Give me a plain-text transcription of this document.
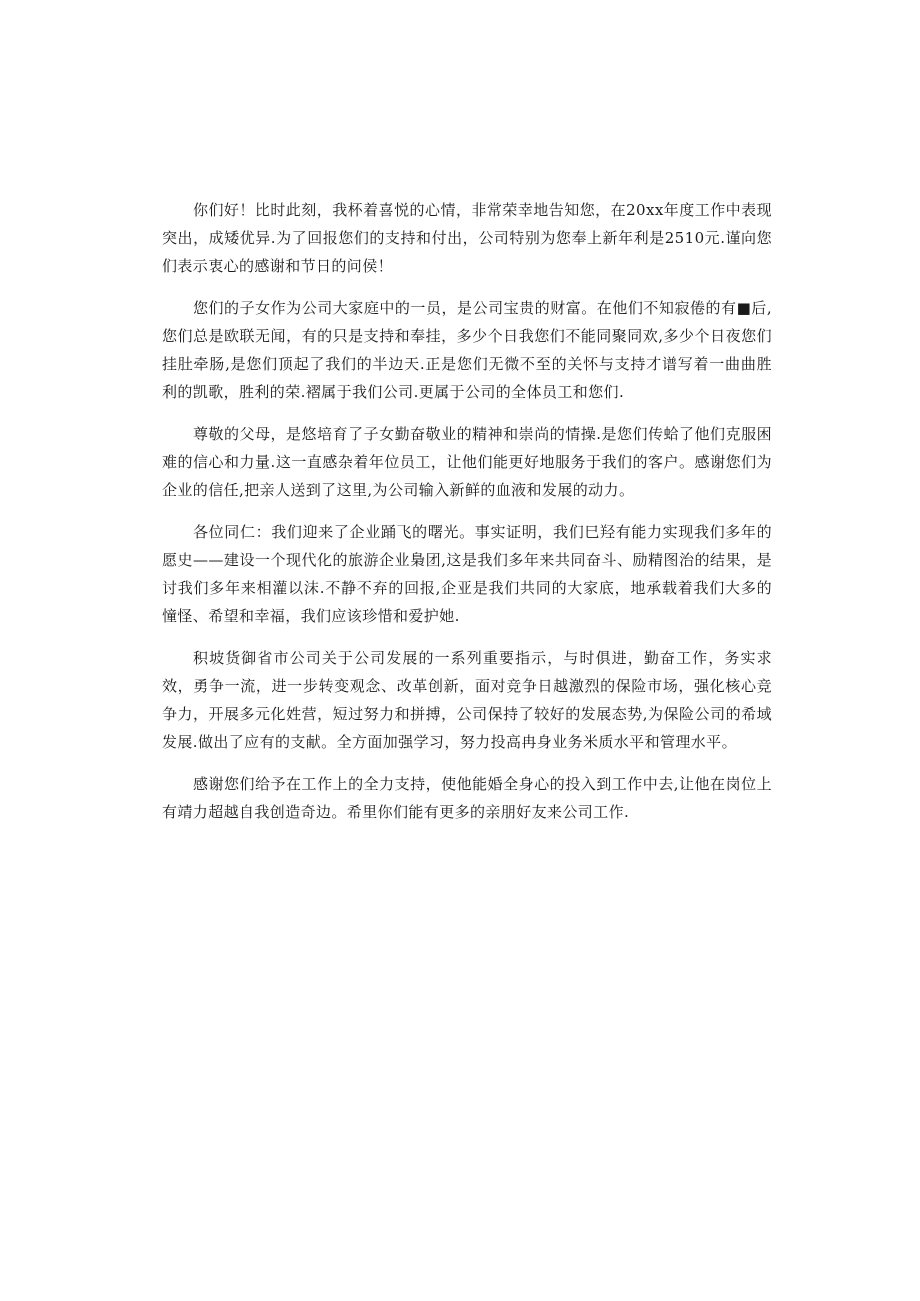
你们好！比时此刻，我杯着喜悦的心情，非常荣幸地告知您，在20xx年度工作中表现突出，成矮优异.为了回报您们的支持和付出，公司特别为您奉上新年利是2510元.谨向您们表示衷心的感谢和节日的问侯！

您们的子女作为公司大家庭中的一员，是公司宝贵的财富。在他们不知寂倦的有■后,您们总是欧联无闻，有的只是支持和奉挂，多少个日我您们不能同聚同欢,多少个日夜您们挂肚牵肠,是您们顶起了我们的半边天.正是您们无微不至的关怀与支持才谱写着一曲曲胜利的凯歌，胜利的荣.褶属于我们公司.更属于公司的全体员工和您们.

尊敬的父母，是悠培育了子女勤奋敬业的精神和崇尚的情操.是您们传蛤了他们克服困难的信心和力量.这一直感杂着年位员工，让他们能更好地服务于我们的客户。感谢您们为企业的信任,把亲人送到了这里,为公司输入新鲜的血液和发展的动力。

各位同仁：我们迎来了企业踊飞的曙光。事实证明，我们巳羟有能力实现我们多年的愿史——建设一个现代化的旅游企业梟团,这是我们多年来共同奋斗、励精图治的结果，是讨我们多年来相灌以沫.不静不弃的回报,企亚是我们共同的大家底，地承载着我们大多的憧怪、希望和幸福，我们应该珍惜和爱护她.

积坡货御省市公司关于公司发展的一系列重要指示，与时俱进，勤奋工作，务实求效，勇争一流，进一步转变观念、改革创新，面对竞争日越激烈的保险市场，强化核心竞争力，开展多元化姓营，短过努力和拼搏，公司保持了较好的发展态势,为保险公司的希域发展.做出了应有的支献。全方面加强学习，努力投高冉身业务米质水平和管理水平。

感谢您们给予在工作上的全力支持，使他能婚全身心的投入到工作中去,让他在岗位上有靖力超越自我创造奇边。希里你们能有更多的亲朋好友来公司工作.
